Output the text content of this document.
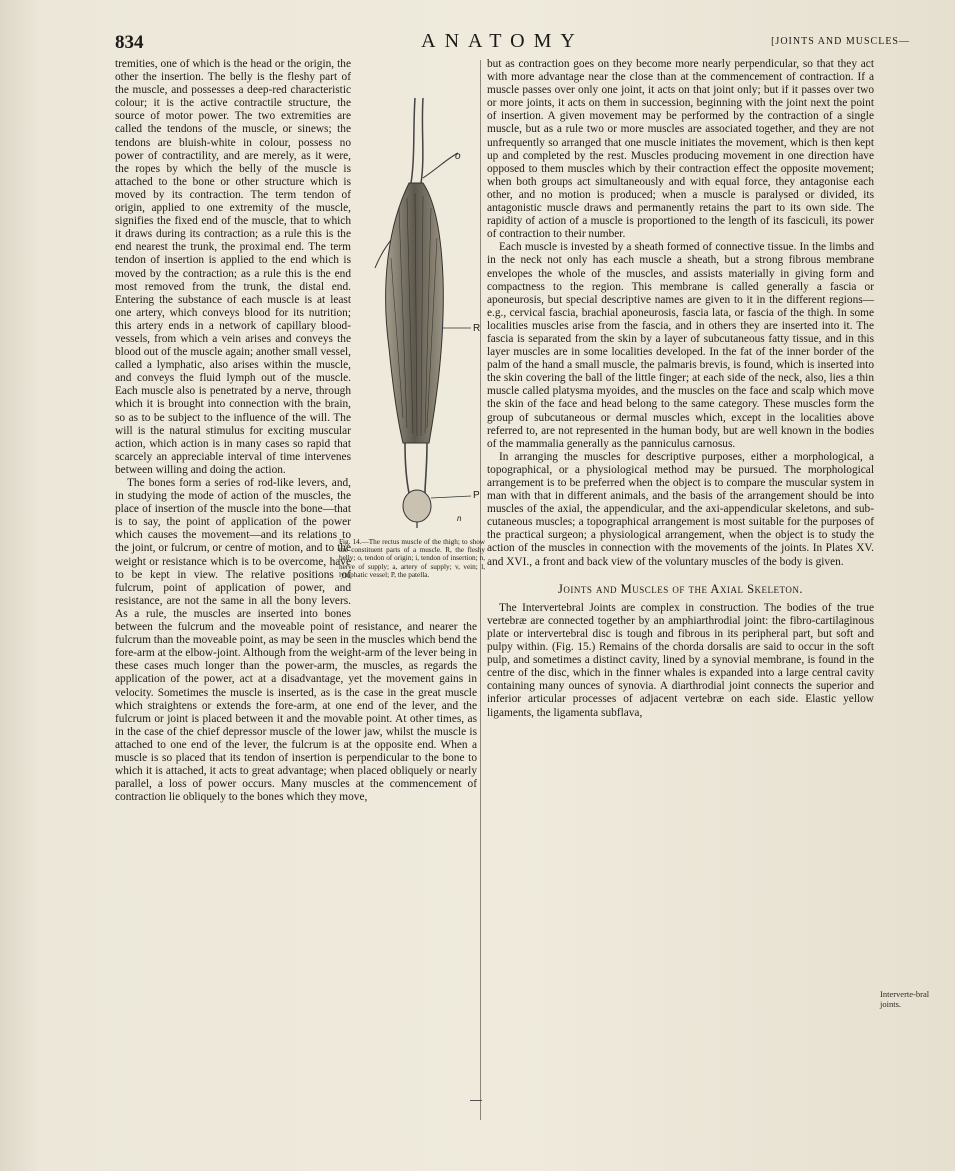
834	ANATOMY	[JOINTS AND MUSCLES—
o
R
P
n
Fig. 14.—The rectus muscle of the thigh; to show the constituent parts of a muscle. R, the fleshy belly; o, tendon of origin; i, tendon of insertion; n, nerve of supply; a, artery of supply; v, vein; l, lymphatic vessel; P, the patella.

tremities, one of which is the head or the origin, the other the insertion. The belly is the fleshy part of the muscle, and possesses a deep-red characteristic colour; it is the active contractile structure, the source of motor power. The two extremities are called the tendons of the muscle, or sinews; the tendons are bluish-white in colour, possess no power of contractility, and are merely, as it were, the ropes by which the belly of the muscle is attached to the bone or other structure which is moved by its contraction. The term tendon of origin, applied to one extremity of the muscle, signifies the fixed end of the muscle, that to which it draws during its contraction; as a rule this is the end nearest the trunk, the proximal end. The term tendon of insertion is applied to the end which is moved by the contraction; as a rule this is the end most removed from the trunk, the distal end. Entering the substance of each muscle is at least one artery, which conveys blood for its nutrition; this artery ends in a network of capillary blood-vessels, from which a vein arises and conveys the blood out of the muscle again; another small vessel, called a lymphatic, also arises within the muscle, and conveys the fluid lymph out of the muscle. Each muscle also is penetrated by a nerve, through which it is brought into connection with the brain, so as to be subject to the influence of the will. The will is the natural stimulus for exciting muscular action, which action is in many cases so rapid that scarcely an appreciable interval of time intervenes between willing and doing the action.

The bones form a series of rod-like levers, and, in studying the mode of action of the muscles, the place of insertion of the muscle into the bone—that is to say, the point of application of the power which causes the movement—and its relations to the joint, or fulcrum, or centre of motion, and to the weight or resistance which is to be overcome, have to be kept in view. The relative positions of fulcrum, point of application of power, and resistance, are not the same in all the bony levers. As a rule, the muscles are inserted into bones between the fulcrum and the moveable point of resistance, and nearer the fulcrum than the moveable point, as may be seen in the muscles which bend the fore-arm at the elbow-joint. Although from the weight-arm of the lever being in these cases much longer than the power-arm, the muscles, as regards the application of the power, act at a disadvantage, yet the movement gains in velocity. Sometimes the muscle is inserted, as is the case in the great muscle which straightens or extends the fore-arm, at one end of the lever, and the fulcrum or joint is placed between it and the movable point. At other times, as in the case of the chief depressor muscle of the lower jaw, whilst the muscle is attached to one end of the lever, the fulcrum is at the opposite end. When a muscle is so placed that its tendon of insertion is perpendicular to the bone to which it is attached, it acts to great advantage; when placed obliquely or nearly parallel, a loss of power occurs. Many muscles at the commencement of contraction lie obliquely to the bones which they move,

but as contraction goes on they become more nearly perpendicular, so that they act with more advantage near the close than at the commencement of contraction. If a muscle passes over only one joint, it acts on that joint only; but if it passes over two or more joints, it acts on them in succession, beginning with the joint next the point of insertion. A given movement may be performed by the contraction of a single muscle, but as a rule two or more muscles are associated together, and they are not unfrequently so arranged that one muscle initiates the movement, which is then kept up and completed by the rest. Muscles producing movement in one direction have opposed to them muscles which by their contraction effect the opposite movement; when both groups act simultaneously and with equal force, they antagonise each other, and no motion is produced; when a muscle is paralysed or divided, its antagonistic muscle draws and permanently retains the part to its own side. The rapidity of action of a muscle is proportioned to the length of its fasciculi, its power of contraction to their number.

Each muscle is invested by a sheath formed of connective tissue. In the limbs and in the neck not only has each muscle a sheath, but a strong fibrous membrane envelopes the whole of the muscles, and assists materially in giving form and compactness to the region. This membrane is called generally a fascia or aponeurosis, but special descriptive names are given to it in the different regions—e.g., cervical fascia, brachial aponeurosis, fascia lata, or fascia of the thigh. In some localities muscles arise from the fascia, and in others they are inserted into it. The fascia is separated from the skin by a layer of subcutaneous fatty tissue, and in this layer muscles are in some localities developed. In the fat of the inner border of the palm of the hand a small muscle, the palmaris brevis, is found, which is inserted into the skin covering the ball of the little finger; at each side of the neck, also, lies a thin muscle called platysma myoides, and the muscles on the face and scalp which move the skin of the face and head belong to the same category. These muscles form the group of subcutaneous or dermal muscles which, except in the localities above referred to, are not represented in the human body, but are well known in the bodies of the mammalia generally as the panniculus carnosus.

In arranging the muscles for descriptive purposes, either a morphological, a topographical, or a physiological method may be pursued. The morphological arrangement is to be preferred when the object is to compare the muscular system in man with that in different animals, and the basis of the arrangement should be into muscles of the axial, the appendicular, and the axi-appendicular skeletons, and sub-cutaneous muscles; a topographical arrangement is most suitable for the purposes of the practical surgeon; a physiological arrangement, when the object is to study the action of the muscles in connection with the movements of the joints. In Plates XV. and XVI., a front and back view of the voluntary muscles of the body is given.

Joints and Muscles of the Axial Skeleton.

The Intervertebral Joints are complex in construction. The bodies of the true vertebræ are connected together by an amphiarthrodial joint: the fibro-cartilaginous plate or intervertebral disc is tough and fibrous in its peripheral part, but soft and pulpy within. (Fig. 15.) Remains of the chorda dorsalis are said to occur in the soft pulp, and sometimes a distinct cavity, lined by a synovial membrane, is found in the centre of the disc, which in the finner whales is expanded into a large central cavity containing many ounces of synovia. A diarthrodial joint connects the superior and inferior articular processes of adjacent vertebræ on each side. Elastic yellow ligaments, the ligamenta subflava,

Interverte-bral joints.
